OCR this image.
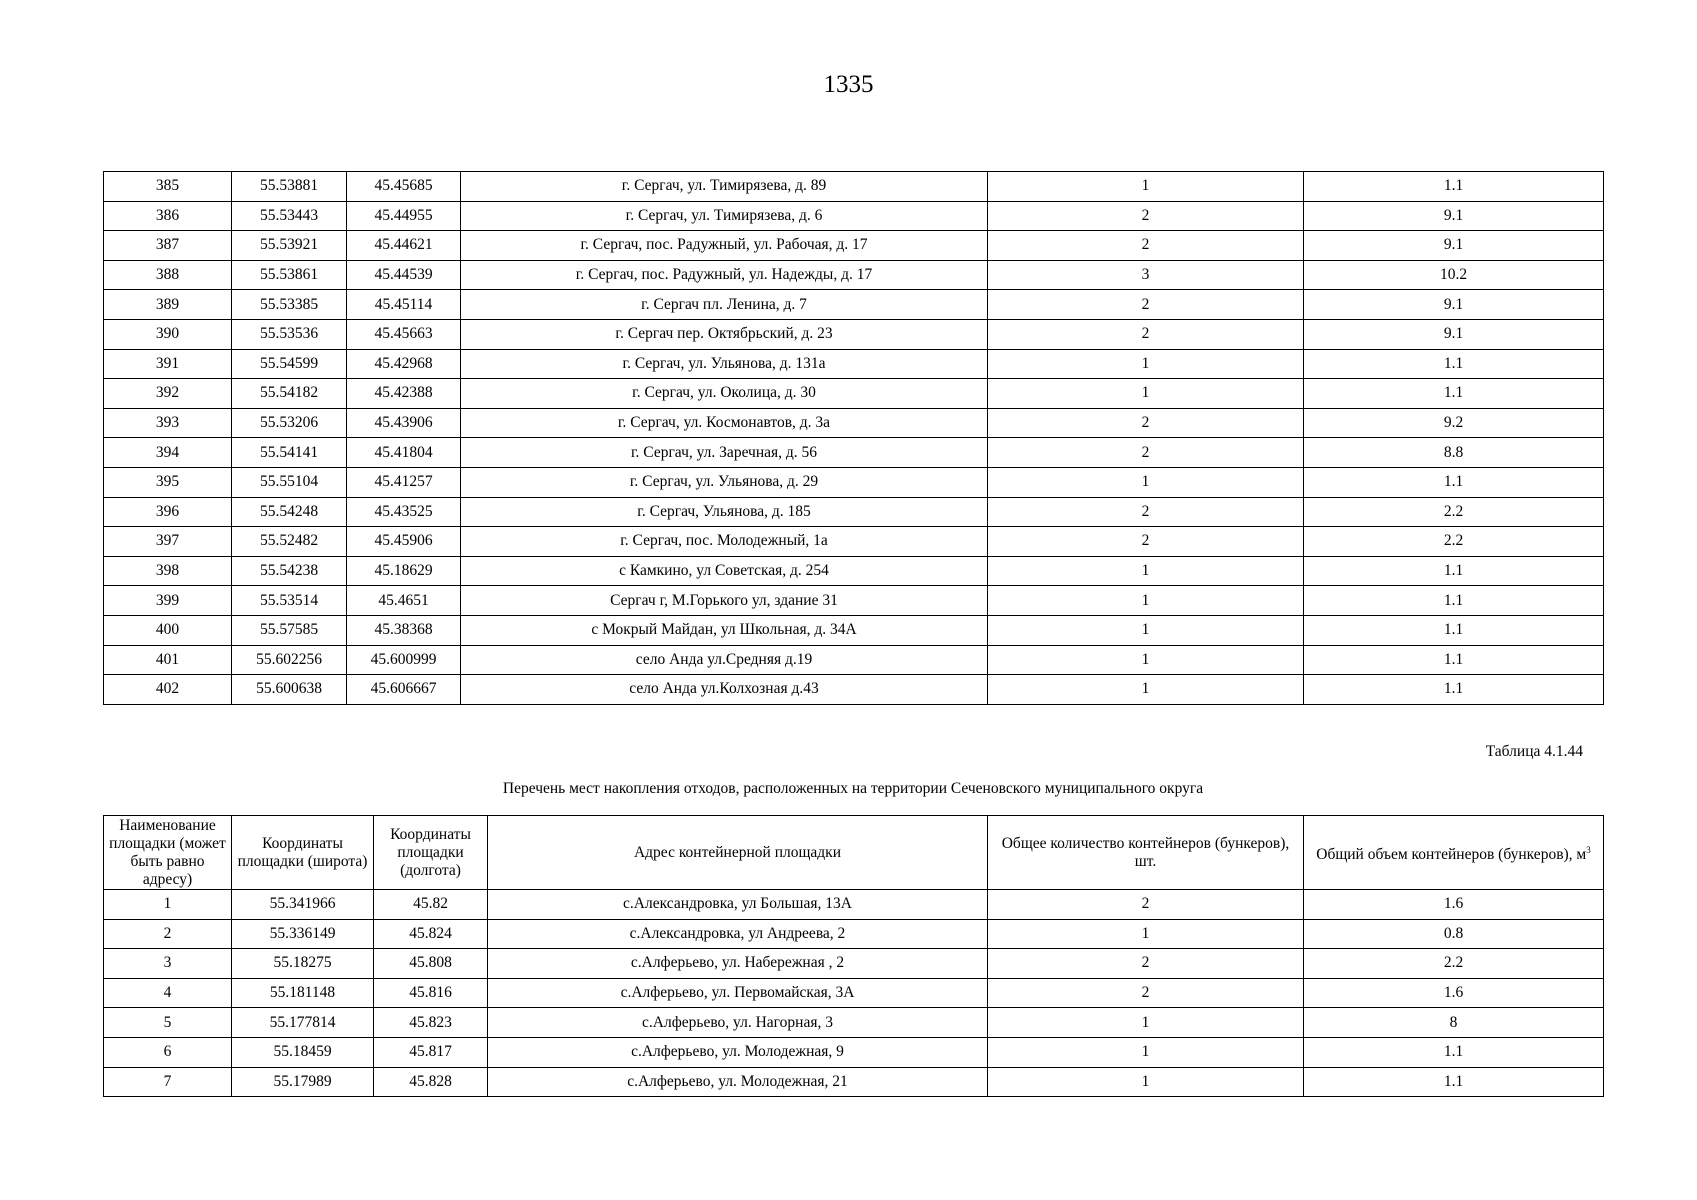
1335
385	55.53881	45.45685	г. Сергач, ул. Тимирязева, д. 89	1	1.1
386	55.53443	45.44955	г. Сергач, ул. Тимирязева, д. 6	2	9.1
387	55.53921	45.44621	г. Сергач, пос. Радужный, ул. Рабочая, д. 17	2	9.1
388	55.53861	45.44539	г. Сергач, пос. Радужный, ул. Надежды, д. 17	3	10.2
389	55.53385	45.45114	г. Сергач пл. Ленина, д. 7	2	9.1
390	55.53536	45.45663	г. Сергач пер. Октябрьский, д. 23	2	9.1
391	55.54599	45.42968	г. Сергач, ул. Ульянова, д. 131а	1	1.1
392	55.54182	45.42388	г. Сергач, ул. Околица, д. 30	1	1.1
393	55.53206	45.43906	г. Сергач, ул. Космонавтов, д. 3а	2	9.2
394	55.54141	45.41804	г. Сергач, ул. Заречная, д. 56	2	8.8
395	55.55104	45.41257	г. Сергач, ул. Ульянова, д. 29	1	1.1
396	55.54248	45.43525	г. Сергач, Ульянова, д. 185	2	2.2
397	55.52482	45.45906	г. Сергач, пос. Молодежный, 1а	2	2.2
398	55.54238	45.18629	с Камкино, ул Советская, д. 254	1	1.1
399	55.53514	45.4651	Сергач г, М.Горького ул, здание 31	1	1.1
400	55.57585	45.38368	с Мокрый Майдан, ул Школьная, д. 34А	1	1.1
401	55.602256	45.600999	село Анда ул.Средняя д.19	1	1.1
402	55.600638	45.606667	село Анда ул.Колхозная д.43	1	1.1
Таблица 4.1.44
Перечень мест накопления отходов, расположенных на территории Сеченовского муниципального округа
Наименование площадки (может быть равно адресу)	Координаты площадки (широта)	Координаты площадки (долгота)	Адрес контейнерной площадки	Общее количество контейнеров (бункеров), шт.	Общий объем контейнеров (бункеров), $м^3$
1	55.341966	45.82	с.Александровка, ул Большая, 13А	2	1.6
2	55.336149	45.824	с.Александровка, ул Андреева, 2	1	0.8
3	55.18275	45.808	с.Алферьево, ул. Набережная , 2	2	2.2
4	55.181148	45.816	с.Алферьево, ул. Первомайская, 3А	2	1.6
5	55.177814	45.823	с.Алферьево, ул. Нагорная, 3	1	8
6	55.18459	45.817	с.Алферьево, ул. Молодежная, 9	1	1.1
7	55.17989	45.828	с.Алферьево, ул. Молодежная, 21	1	1.1
